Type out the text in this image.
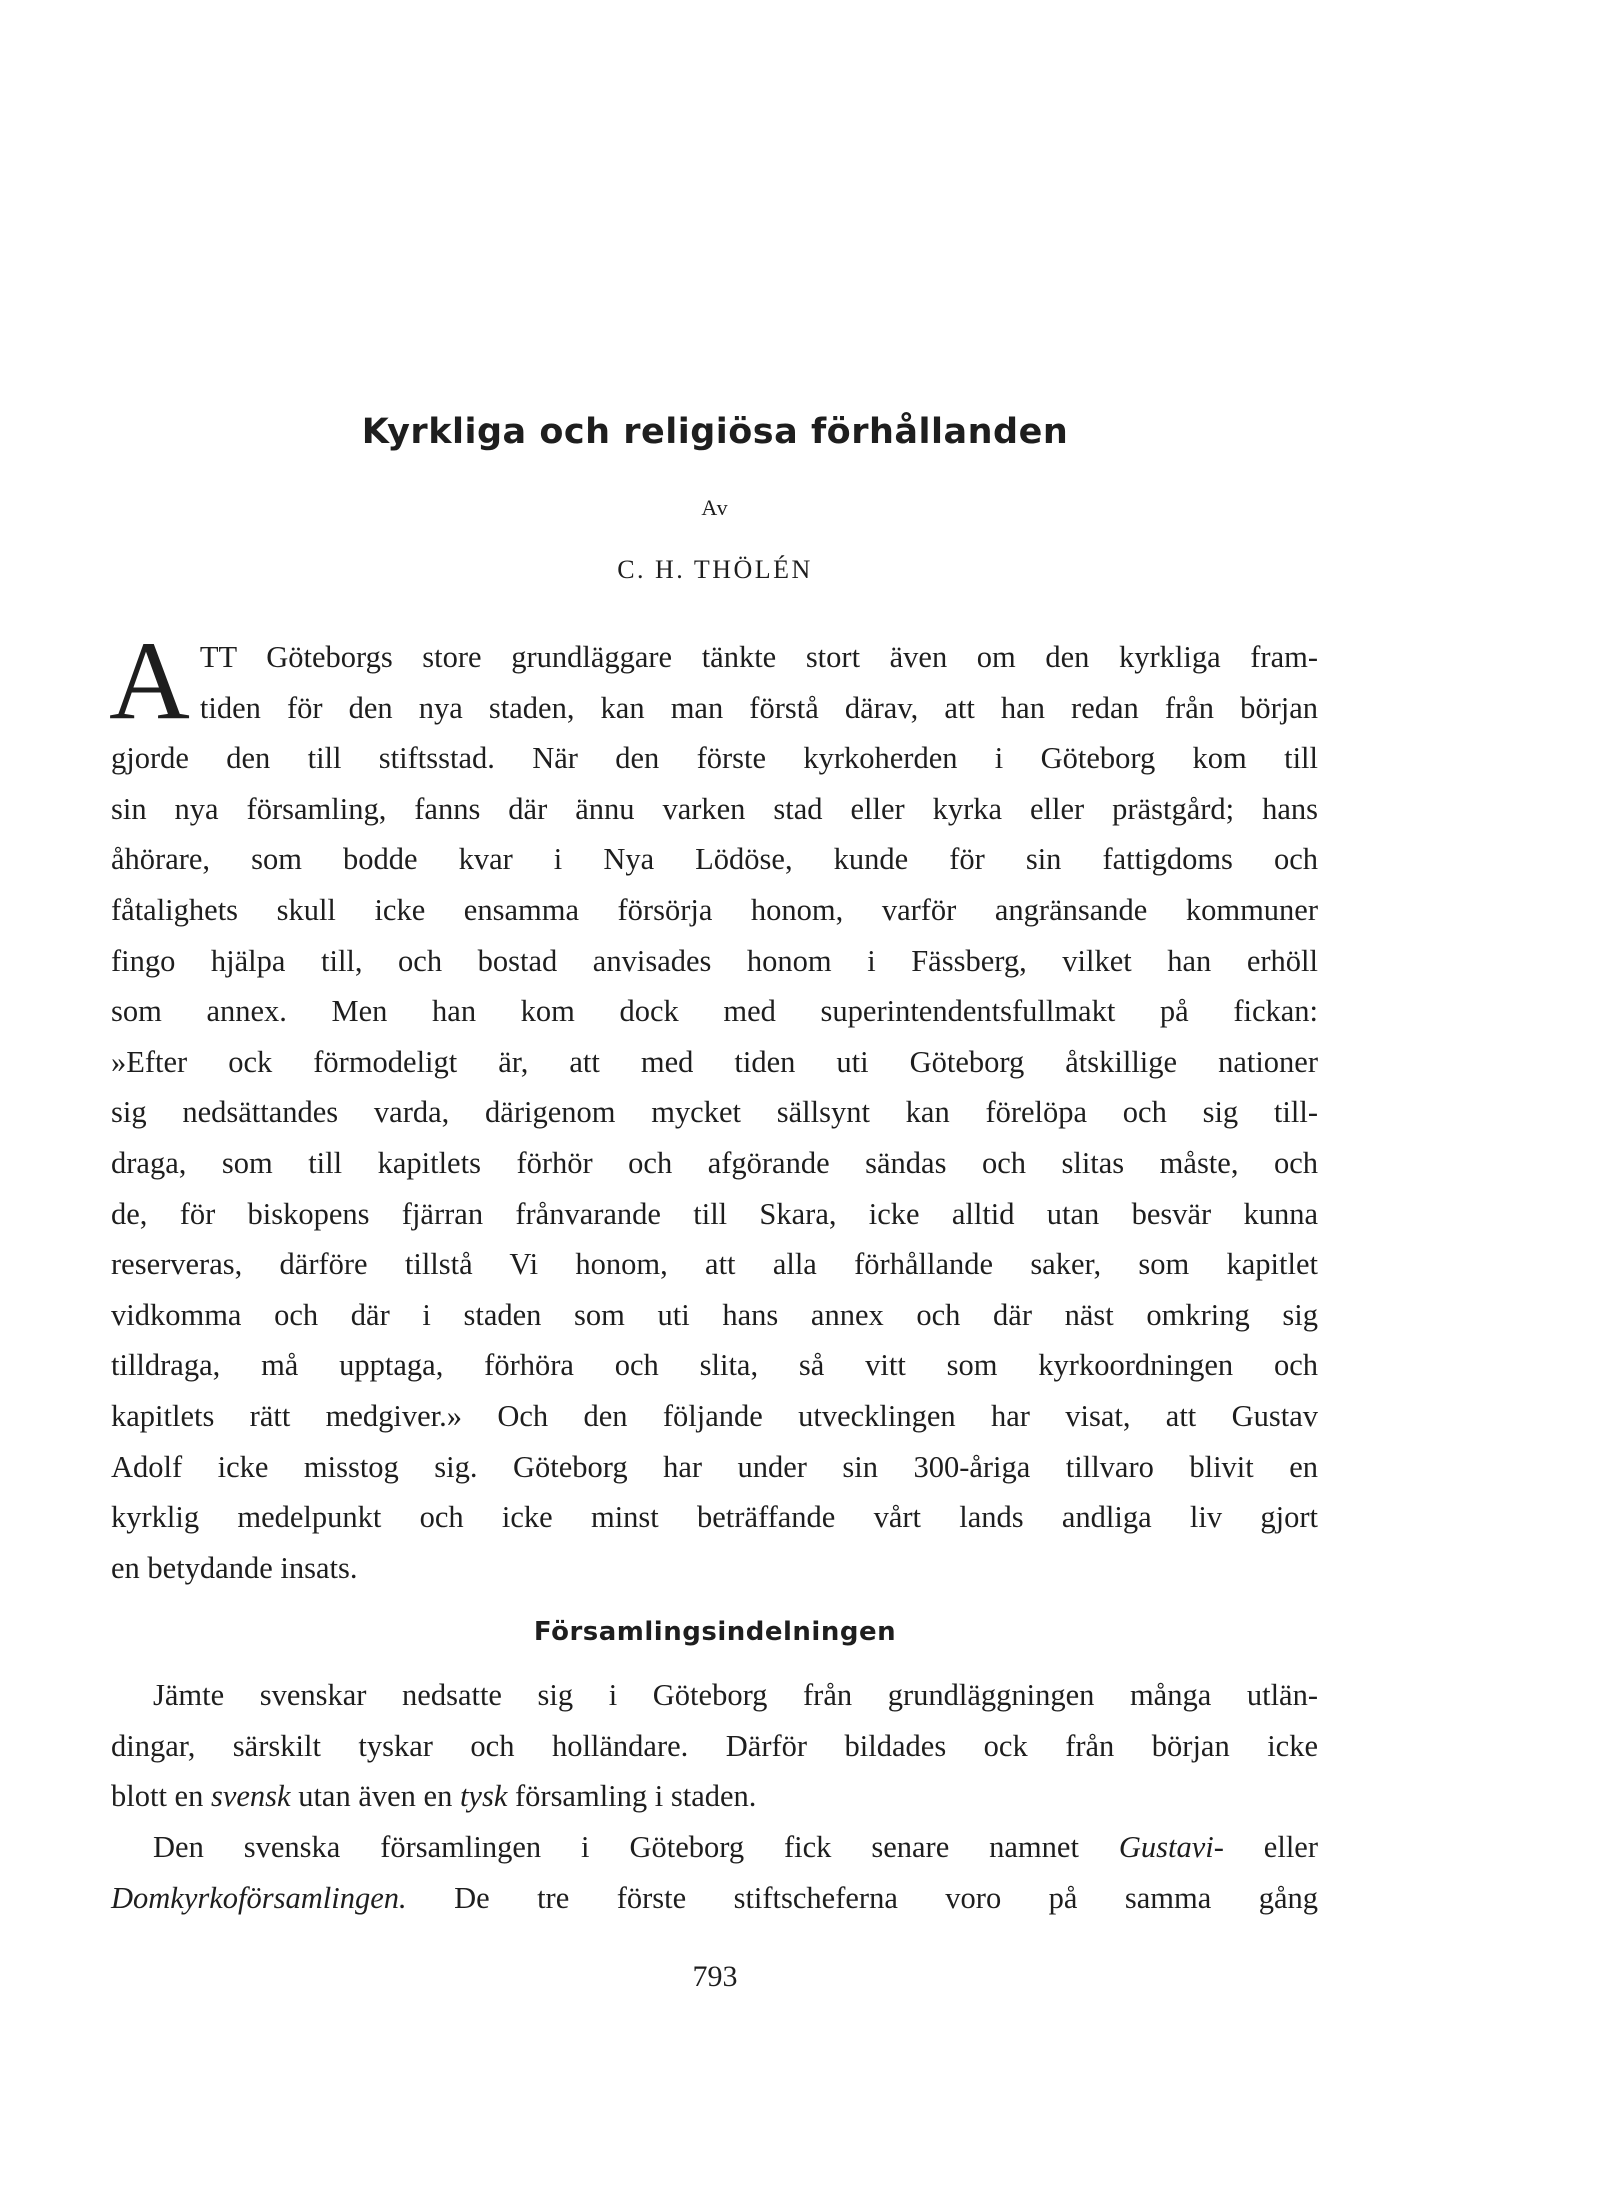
Kyrkliga och religiösa förhållanden
Av
C. H. THÖLÉN
A TT Göteborgs store grundläggare tänkte stort även om den kyrkliga fram-
tiden för den nya staden, kan man förstå därav, att han redan från början
gjorde den till stiftsstad. När den förste kyrkoherden i Göteborg kom till
sin nya församling, fanns där ännu varken stad eller kyrka eller prästgård; hans
åhörare, som bodde kvar i Nya Lödöse, kunde för sin fattigdoms och
fåtalighets skull icke ensamma försörja honom, varför angränsande kommuner
fingo hjälpa till, och bostad anvisades honom i Fässberg, vilket han erhöll
som annex. Men han kom dock med superintendentsfullmakt på fickan:
»Efter ock förmodeligt är, att med tiden uti Göteborg åtskillige nationer
sig nedsättandes varda, därigenom mycket sällsynt kan förelöpa och sig till-
draga, som till kapitlets förhör och afgörande sändas och slitas måste, och
de, för biskopens fjärran frånvarande till Skara, icke alltid utan besvär kunna
reserveras, därföre tillstå Vi honom, att alla förhållande saker, som kapitlet
vidkomma och där i staden som uti hans annex och där näst omkring sig
tilldraga, må upptaga, förhöra och slita, så vitt som kyrkoordningen och
kapitlets rätt medgiver.» Och den följande utvecklingen har visat, att Gustav
Adolf icke misstog sig. Göteborg har under sin 300-åriga tillvaro blivit en
kyrklig medelpunkt och icke minst beträffande vårt lands andliga liv gjort
en betydande insats.
Församlingsindelningen
Jämte svenskar nedsatte sig i Göteborg från grundläggningen många utlän-
dingar, särskilt tyskar och holländare. Därför bildades ock från början icke
blott en svensk utan även en tysk församling i staden.
Den svenska församlingen i Göteborg fick senare namnet Gustavi- eller
Domkyrkoförsamlingen. De tre förste stiftscheferna voro på samma gång
793
